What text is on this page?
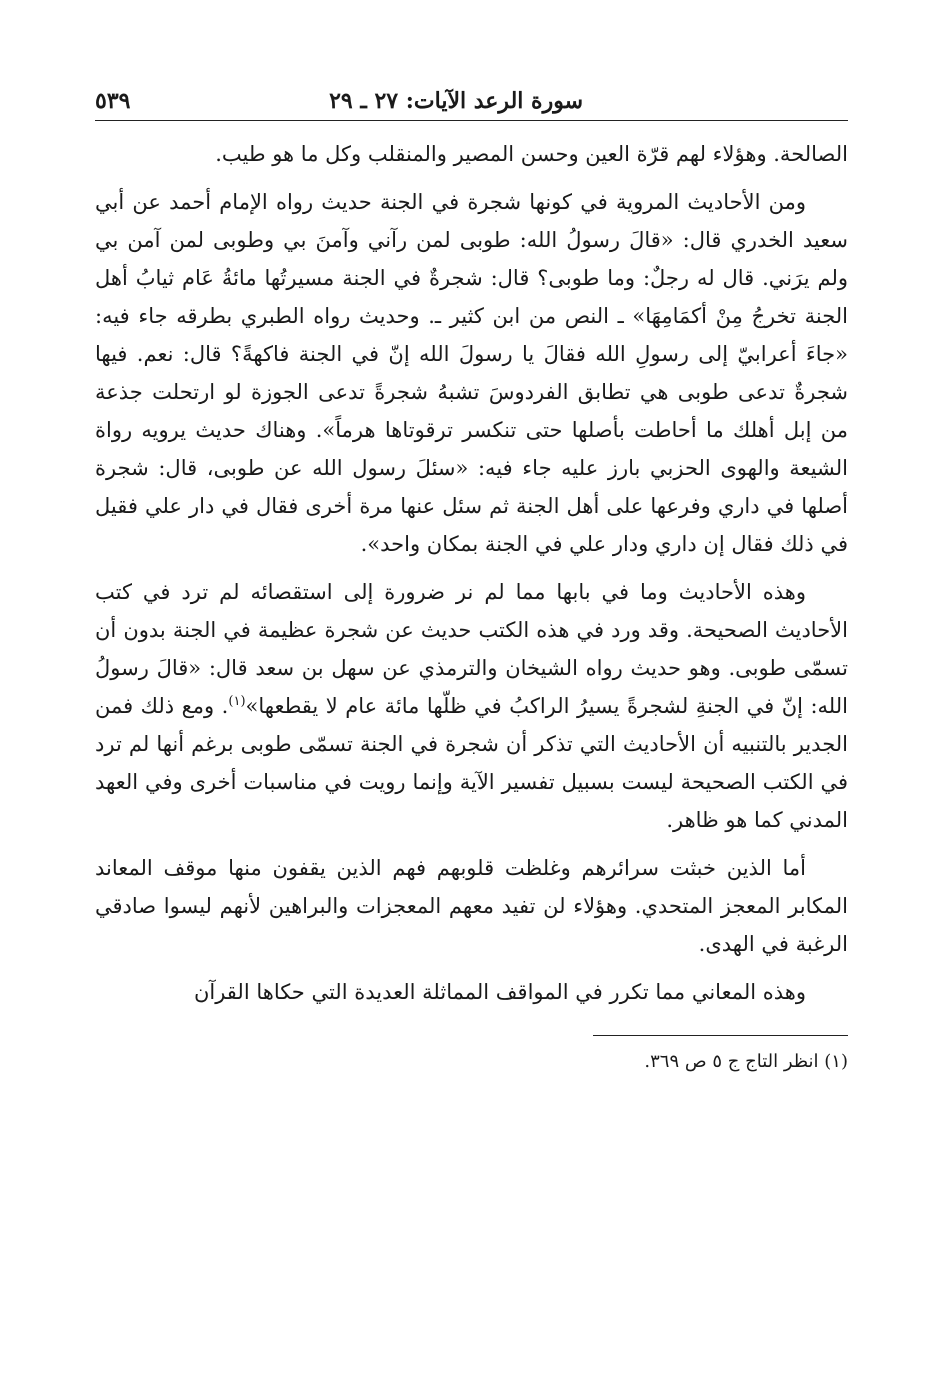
سورة الرعد الآيات: ٢٧ ـ ٢٩
٥٣٩

الصالحة. وهؤلاء لهم قرّة العين وحسن المصير والمنقلب وكل ما هو طيب.

ومن الأحاديث المروية في كونها شجرة في الجنة حديث رواه الإمام أحمد عن أبي سعيد الخدري قال: «قالَ رسولُ الله: طوبى لمن رآني وآمنَ بي وطوبى لمن آمن بي ولم يرَني. قال له رجلٌ: وما طوبى؟ قال: شجرةٌ في الجنة مسيرتُها مائةُ عَام ثيابُ أهل الجنة تخرجُ مِنْ أكمَامِهَا» ـ النص من ابن كثير ـ. وحديث رواه الطبري بطرقه جاء فيه: «جاءَ أعرابيّ إلى رسولِ الله فقالَ يا رسولَ الله إنّ في الجنة فاكهةً؟ قال: نعم. فيها شجرةٌ تدعى طوبى هي تطابق الفردوسَ تشبهُ شجرةً تدعى الجوزة لو ارتحلت جذعة من إبل أهلك ما أحاطت بأصلها حتى تنكسر ترقوتاها هرماً». وهناك حديث يرويه رواة الشيعة والهوى الحزبي بارز عليه جاء فيه: «سئلَ رسول الله عن طوبى، قال: شجرة أصلها في داري وفرعها على أهل الجنة ثم سئل عنها مرة أخرى فقال في دار علي فقيل في ذلك فقال إن داري ودار علي في الجنة بمكان واحد».

وهذه الأحاديث وما في بابها مما لم نر ضرورة إلى استقصائه لم ترد في كتب الأحاديث الصحيحة. وقد ورد في هذه الكتب حديث عن شجرة عظيمة في الجنة بدون أن تسمّى طوبى. وهو حديث رواه الشيخان والترمذي عن سهل بن سعد قال: «قالَ رسولُ الله: إنّ في الجنةِ لشجرةً يسيرُ الراكبُ في ظلّها مائة عام لا يقطعها»$^{(١)}$. ومع ذلك فمن الجدير بالتنبيه أن الأحاديث التي تذكر أن شجرة في الجنة تسمّى طوبى برغم أنها لم ترد في الكتب الصحيحة ليست بسبيل تفسير الآية وإنما رويت في مناسبات أخرى وفي العهد المدني كما هو ظاهر.

أما الذين خبثت سرائرهم وغلظت قلوبهم فهم الذين يقفون منها موقف المعاند المكابر المعجز المتحدي. وهؤلاء لن تفيد معهم المعجزات والبراهين لأنهم ليسوا صادقي الرغبة في الهدى.

وهذه المعاني مما تكرر في المواقف المماثلة العديدة التي حكاها القرآن

(١) انظر التاج ج ٥ ص ٣٦٩.
